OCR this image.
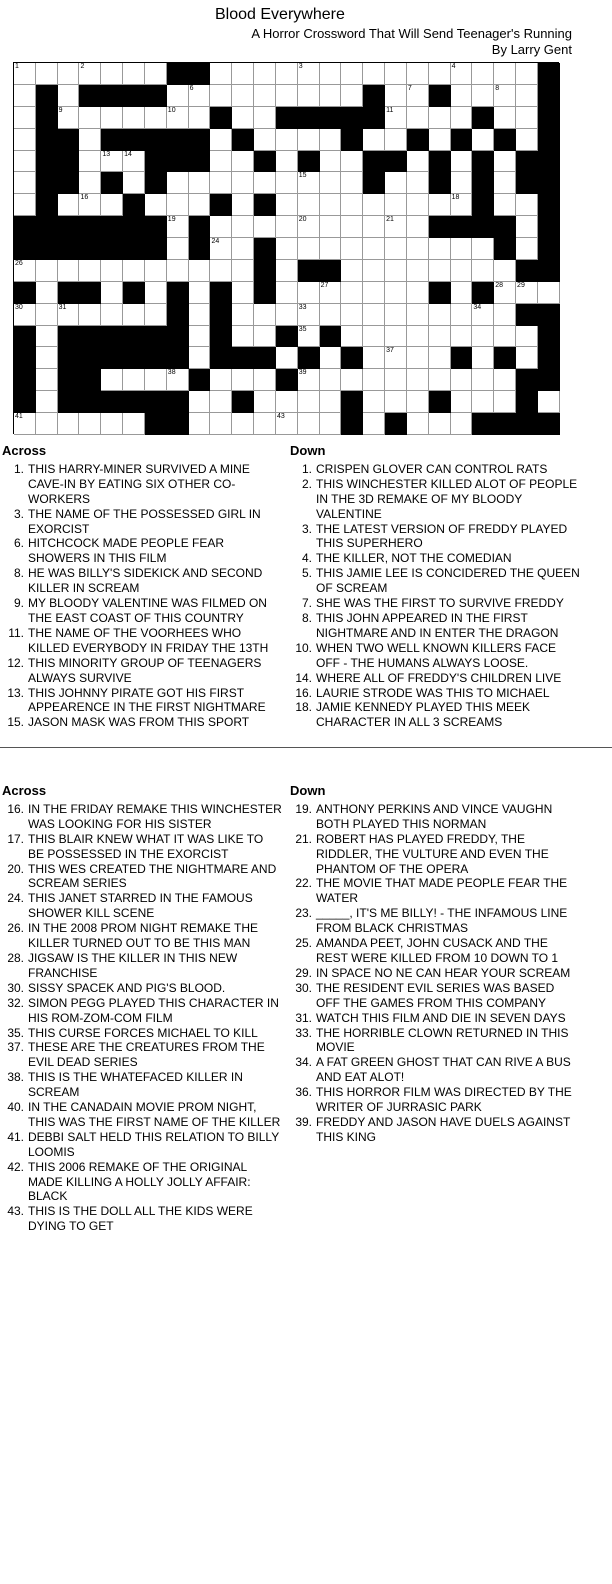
Blood Everywhere
A Horror Crossword That Will Send Teenager's Running
By Larry Gent
1	2	3	4
6	7	8
9	10	11
13 14
15
16	18
19	20	21
24
26
27	28 29
30	31	33	34
35
37
38	39
41	43
Across
1. THIS HARRY-MINER SURVIVED A MINE CAVE-IN BY EATING SIX OTHER CO-WORKERS
3. THE NAME OF THE POSSESSED GIRL IN EXORCIST
6. HITCHCOCK MADE PEOPLE FEAR SHOWERS IN THIS FILM
8. HE WAS BILLY'S SIDEKICK AND SECOND KILLER IN SCREAM
9. MY BLOODY VALENTINE WAS FILMED ON THE EAST COAST OF THIS COUNTRY
11. THE NAME OF THE VOORHEES WHO KILLED EVERYBODY IN FRIDAY THE 13TH
12. THIS MINORITY GROUP OF TEENAGERS ALWAYS SURVIVE
13. THIS JOHNNY PIRATE GOT HIS FIRST APPEARENCE IN THE FIRST NIGHTMARE
15. JASON MASK WAS FROM THIS SPORT
Down
1. CRISPEN GLOVER CAN CONTROL RATS
2. THIS WINCHESTER KILLED ALOT OF PEOPLE IN THE 3D REMAKE OF MY BLOODY VALENTINE
3. THE LATEST VERSION OF FREDDY PLAYED THIS SUPERHERO
4. THE KILLER, NOT THE COMEDIAN
5. THIS JAMIE LEE IS CONCIDERED THE QUEEN OF SCREAM
7. SHE WAS THE FIRST TO SURVIVE FREDDY
8. THIS JOHN APPEARED IN THE FIRST NIGHTMARE AND IN ENTER THE DRAGON
10. WHEN TWO WELL KNOWN KILLERS FACE OFF - THE HUMANS ALWAYS LOOSE.
14. WHERE ALL OF FREDDY'S CHILDREN LIVE
16. LAURIE STRODE WAS THIS TO MICHAEL
18. JAMIE KENNEDY PLAYED THIS MEEK CHARACTER IN ALL 3 SCREAMS
Across
16. IN THE FRIDAY REMAKE THIS WINCHESTER WAS LOOKING FOR HIS SISTER
17. THIS BLAIR KNEW WHAT IT WAS LIKE TO BE POSSESSED IN THE EXORCIST
20. THIS WES CREATED THE NIGHTMARE AND SCREAM SERIES
24. THIS JANET STARRED IN THE FAMOUS SHOWER KILL SCENE
26. IN THE 2008 PROM NIGHT REMAKE THE KILLER TURNED OUT TO BE THIS MAN
28. JIGSAW IS THE KILLER IN THIS NEW FRANCHISE
30. SISSY SPACEK AND PIG'S BLOOD.
32. SIMON PEGG PLAYED THIS CHARACTER IN HIS ROM-ZOM-COM FILM
35. THIS CURSE FORCES MICHAEL TO KILL
37. THESE ARE THE CREATURES FROM THE EVIL DEAD SERIES
38. THIS IS THE WHATEFACED KILLER IN SCREAM
40. IN THE CANADAIN MOVIE PROM NIGHT, THIS WAS THE FIRST NAME OF THE KILLER
41. DEBBI SALT HELD THIS RELATION TO BILLY LOOMIS
42. THIS 2006 REMAKE OF THE ORIGINAL MADE KILLING A HOLLY JOLLY AFFAIR: BLACK
43. THIS IS THE DOLL ALL THE KIDS WERE DYING TO GET
Down
19. ANTHONY PERKINS AND VINCE VAUGHN BOTH PLAYED THIS NORMAN
21. ROBERT HAS PLAYED FREDDY, THE RIDDLER, THE VULTURE AND EVEN THE PHANTOM OF THE OPERA
22. THE MOVIE THAT MADE PEOPLE FEAR THE WATER
23. _____, IT'S ME BILLY! - THE INFAMOUS LINE FROM BLACK CHRISTMAS
25. AMANDA PEET, JOHN CUSACK AND THE REST WERE KILLED FROM 10 DOWN TO 1
29. IN SPACE NO NE CAN HEAR YOUR SCREAM
30. THE RESIDENT EVIL SERIES WAS BASED OFF THE GAMES FROM THIS COMPANY
31. WATCH THIS FILM AND DIE IN SEVEN DAYS
33. THE HORRIBLE CLOWN RETURNED IN THIS MOVIE
34. A FAT GREEN GHOST THAT CAN RIVE A BUS AND EAT ALOT!
36. THIS HORROR FILM WAS DIRECTED BY THE WRITER OF JURRASIC PARK
39. FREDDY AND JASON HAVE DUELS AGAINST THIS KING
